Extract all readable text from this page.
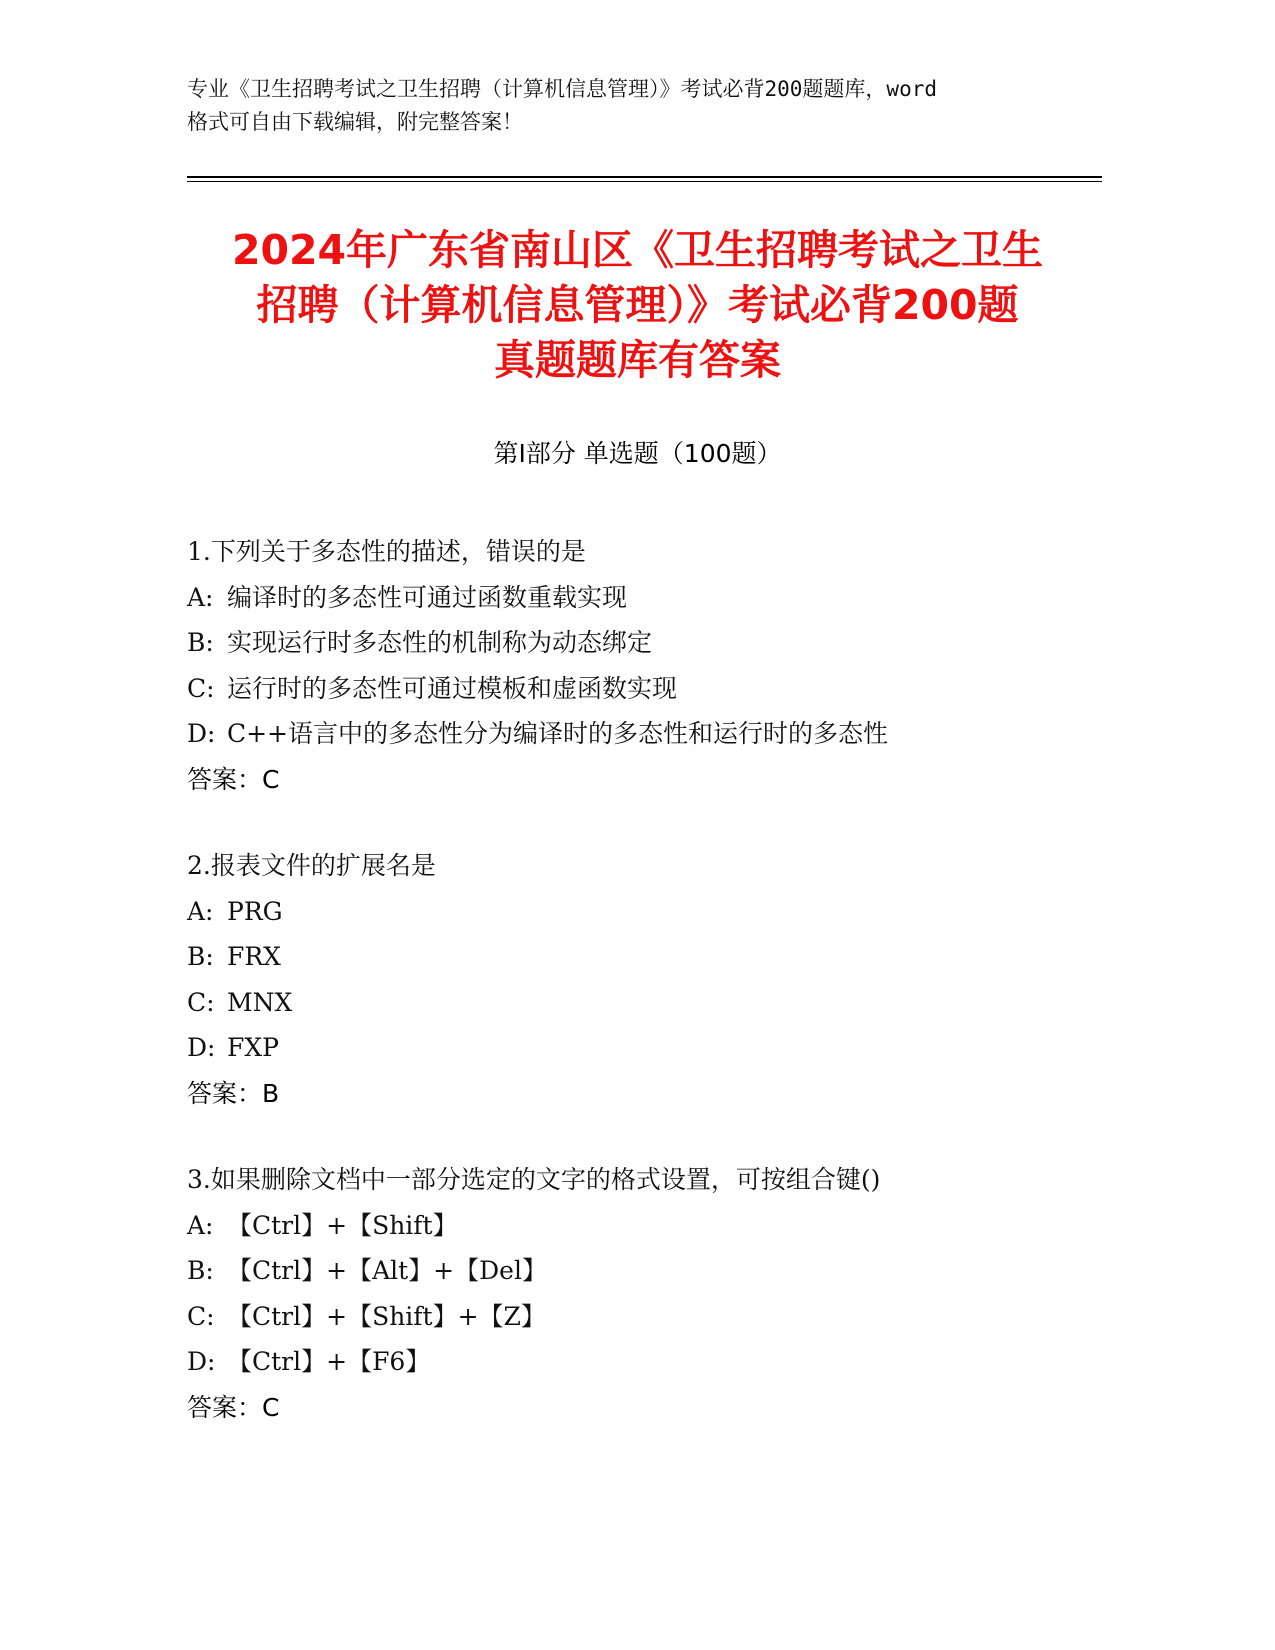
专业《卫生招聘考试之卫生招聘（计算机信息管理）》考试必背200题题库，word
格式可自由下载编辑，附完整答案！
2024年广东省南山区《卫生招聘考试之卫生
招聘（计算机信息管理）》考试必背200题
真题题库有答案
第Ⅰ部分 单选题（100题）
1.下列关于多态性的描述，错误的是
A: 编译时的多态性可通过函数重载实现
B: 实现运行时多态性的机制称为动态绑定
C: 运行时的多态性可通过模板和虚函数实现
D: C++语言中的多态性分为编译时的多态性和运行时的多态性
答案：C
2.报表文件的扩展名是
A: PRG
B: FRX
C: MNX
D: FXP
答案：B
3.如果删除文档中一部分选定的文字的格式设置，可按组合键()
A: 【Ctrl】+【Shift】
B: 【Ctrl】+【Alt】+【Del】
C: 【Ctrl】+【Shift】+【Z】
D: 【Ctrl】+【F6】
答案：C
